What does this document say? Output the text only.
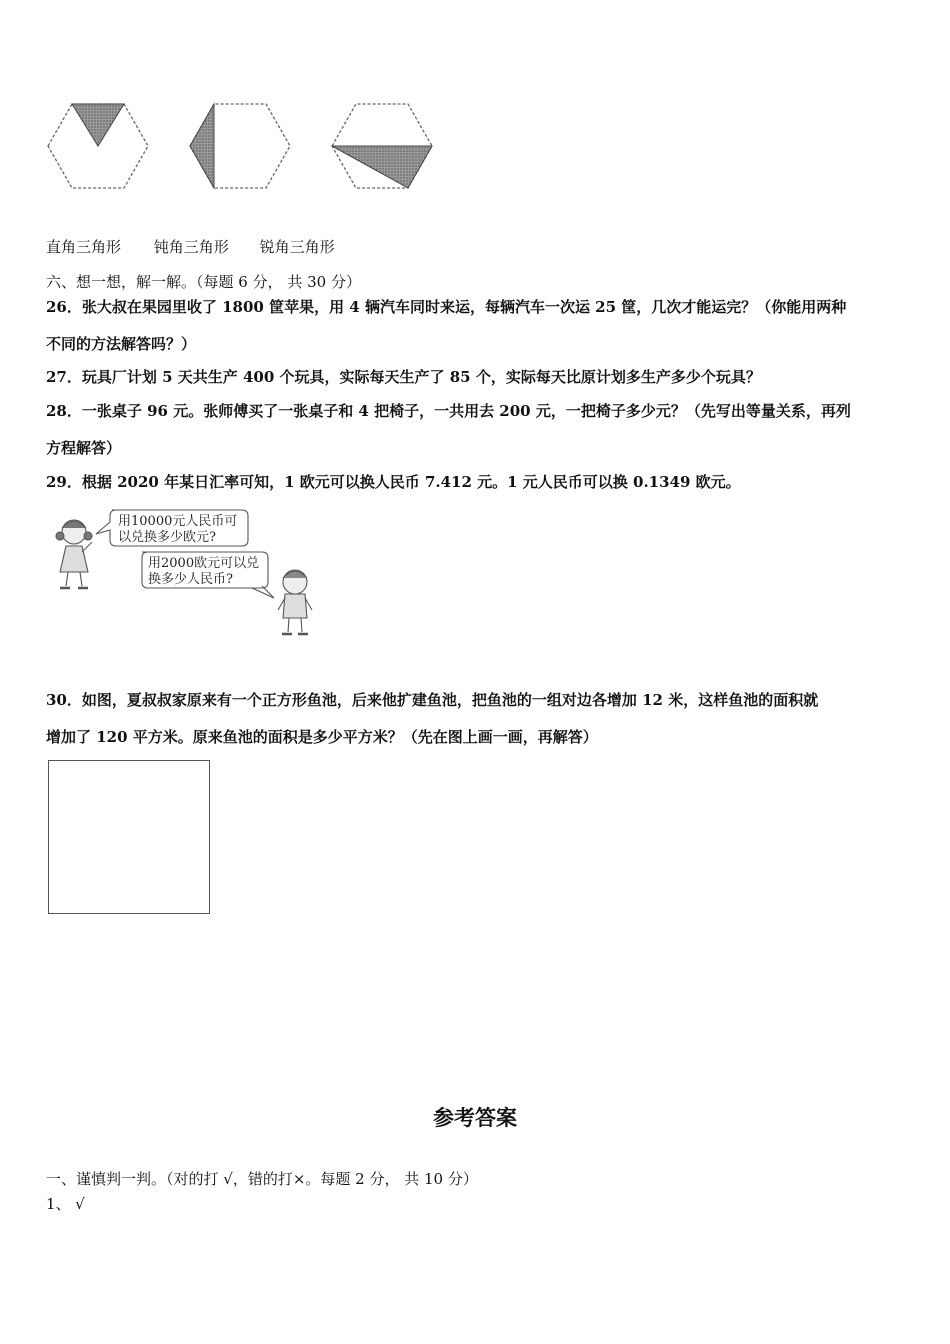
直角三角形 钝角三角形 锐角三角形
六、想一想，解一解。（每题 6 分， 共 30 分）
26．张大叔在果园里收了 1800 筐苹果，用 4 辆汽车同时来运，每辆汽车一次运 25 筐，几次才能运完？（你能用两种
不同的方法解答吗？）
27．玩具厂计划 5 天共生产 400 个玩具，实际每天生产了 85 个，实际每天比原计划多生产多少个玩具？
28．一张桌子 96 元。张师傅买了一张桌子和 4 把椅子，一共用去 200 元，一把椅子多少元？（先写出等量关系，再列
方程解答）
29．根据 2020 年某日汇率可知，1 欧元可以换人民币 7.412 元。1 元人民币可以换 0.1349 欧元。
用10000元人民币可
以兑换多少欧元?
用2000欧元可以兑
换多少人民币?
30．如图，夏叔叔家原来有一个正方形鱼池，后来他扩建鱼池，把鱼池的一组对边各增加 12 米，这样鱼池的面积就
增加了 120 平方米。原来鱼池的面积是多少平方米？（先在图上画一画，再解答）
参考答案
一、谨慎判一判。（对的打 √，错的打×。每题 2 分， 共 10 分）
1、 √
